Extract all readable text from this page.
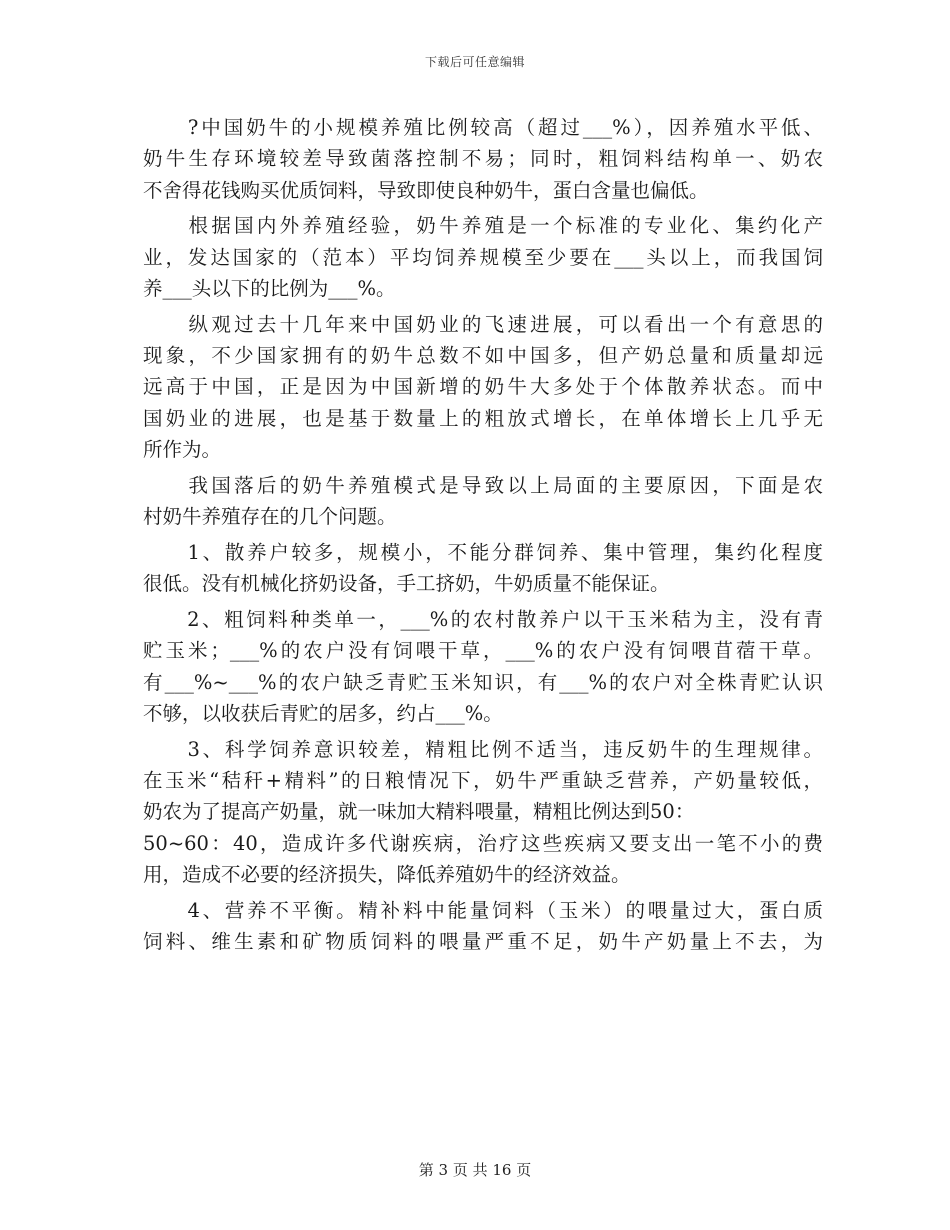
下载后可任意编辑
　　?中国奶牛的小规模养殖比例较高（超过___%），因养殖水平低、
奶牛生存环境较差导致菌落控制不易；同时，粗饲料结构单一、奶农
不舍得花钱购买优质饲料，导致即使良种奶牛，蛋白含量也偏低。
　　根据国内外养殖经验，奶牛养殖是一个标准的专业化、集约化产
业，发达国家的（范本）平均饲养规模至少要在___头以上，而我国饲
养___头以下的比例为___%。
　　纵观过去十几年来中国奶业的飞速进展，可以看出一个有意思的
现象，不少国家拥有的奶牛总数不如中国多，但产奶总量和质量却远
远高于中国，正是因为中国新增的奶牛大多处于个体散养状态。而中
国奶业的进展，也是基于数量上的粗放式增长，在单体增长上几乎无
所作为。
　　我国落后的奶牛养殖模式是导致以上局面的主要原因，下面是农
村奶牛养殖存在的几个问题。
　　1、散养户较多，规模小，不能分群饲养、集中管理，集约化程度
很低。没有机械化挤奶设备，手工挤奶，牛奶质量不能保证。
　　2、粗饲料种类单一，___%的农村散养户以干玉米秸为主，没有青
贮玉米；___%的农户没有饲喂干草，___%的农户没有饲喂苜蓿干草。
有___%~___%的农户缺乏青贮玉米知识，有___%的农户对全株青贮认识
不够，以收获后青贮的居多，约占___%。
　　3、科学饲养意识较差，精粗比例不适当，违反奶牛的生理规律。
在玉米“秸秆+精料”的日粮情况下，奶牛严重缺乏营养，产奶量较低，
奶农为了提高产奶量，就一味加大精料喂量，精粗比例达到50：
50~60：40，造成许多代谢疾病，治疗这些疾病又要支出一笔不小的费
用，造成不必要的经济损失，降低养殖奶牛的经济效益。
　　4、营养不平衡。精补料中能量饲料（玉米）的喂量过大，蛋白质
饲料、维生素和矿物质饲料的喂量严重不足，奶牛产奶量上不去，为
第 3 页 共 16 页
